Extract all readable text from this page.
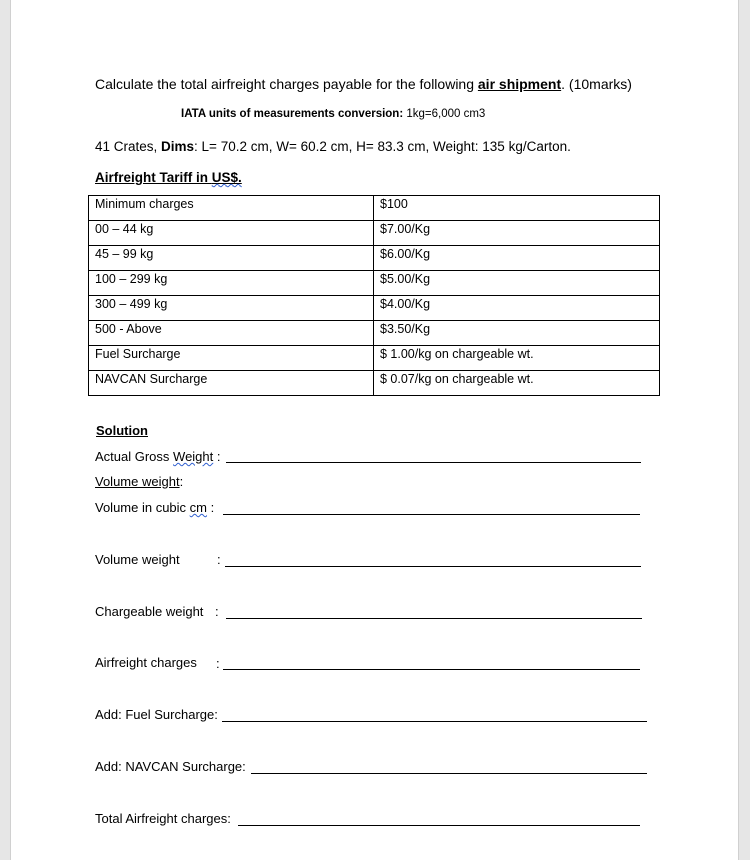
Calculate the total airfreight charges payable for the following air shipment. (10marks)
IATA units of measurements conversion: 1kg=6,000 cm3
41 Crates, Dims: L= 70.2 cm, W= 60.2 cm, H= 83.3 cm, Weight: 135 kg/Carton.
Airfreight Tariff in US$.
Minimum charges	$100
00 – 44 kg	$7.00/Kg
45 – 99 kg	$6.00/Kg
100 – 299 kg	$5.00/Kg
300 – 499 kg	$4.00/Kg
500 - Above	$3.50/Kg
Fuel Surcharge	$ 1.00/kg on chargeable wt.
NAVCAN Surcharge	$ 0.07/kg on chargeable wt.
Solution
Actual Gross Weight :
Volume weight:
Volume in cubic cm :
Volume weight	:
Chargeable weight :
Airfreight charges :
Add: Fuel Surcharge:
Add: NAVCAN Surcharge:
Total Airfreight charges:
